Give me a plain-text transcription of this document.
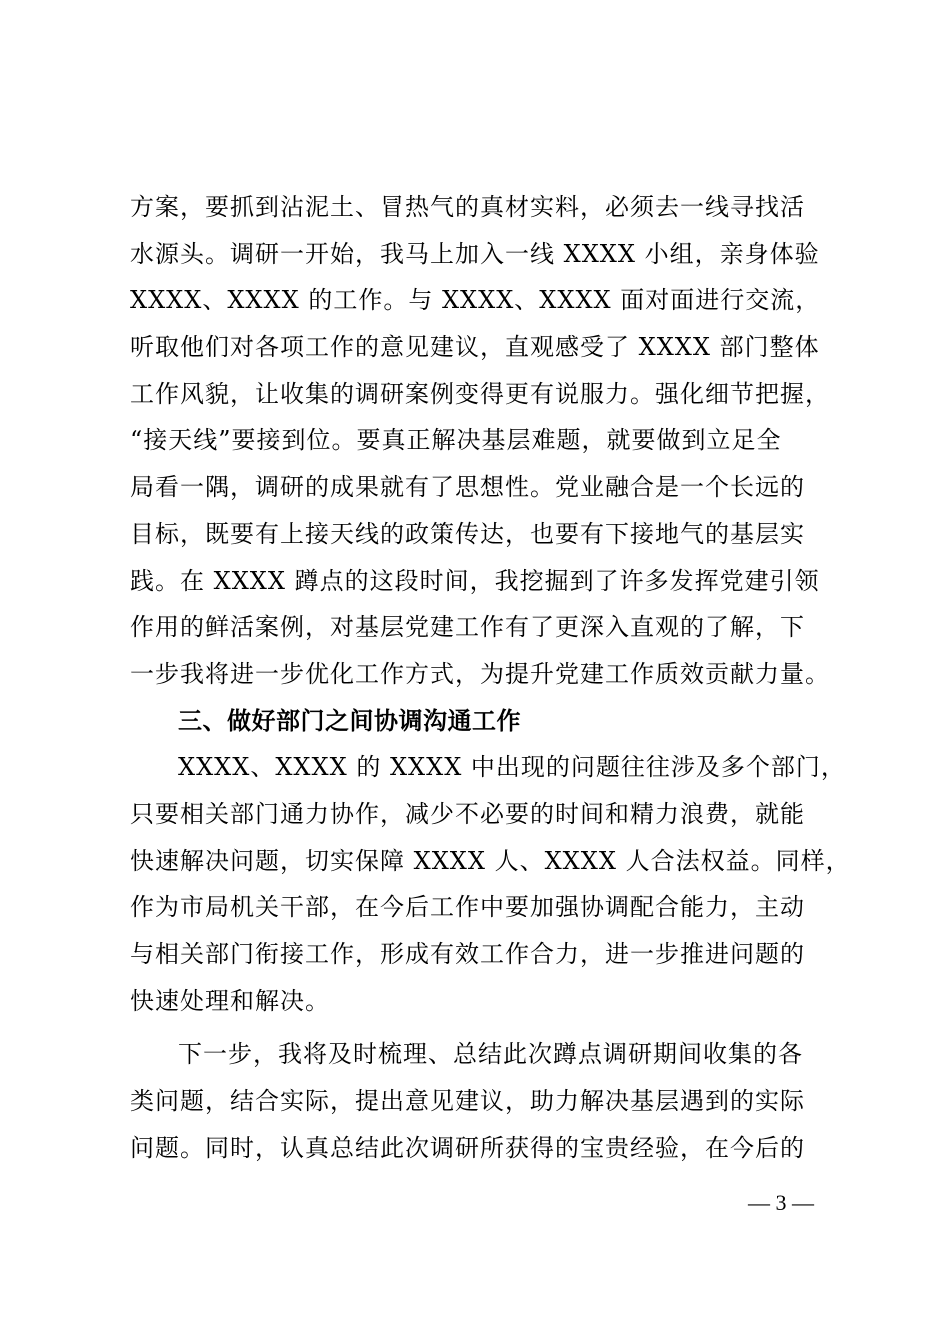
方案，要抓到沾泥土、冒热气的真材实料，必须去一线寻找活
水源头。调研一开始，我马上加入一线 XXXX 小组，亲身体验
XXXX、XXXX 的工作。与 XXXX、XXXX 面对面进行交流，
听取他们对各项工作的意见建议，直观感受了 XXXX 部门整体
工作风貌，让收集的调研案例变得更有说服力。强化细节把握，
“接天线”要接到位。要真正解决基层难题，就要做到立足全
局看一隅，调研的成果就有了思想性。党业融合是一个长远的
目标，既要有上接天线的政策传达，也要有下接地气的基层实
践。在 XXXX 蹲点的这段时间，我挖掘到了许多发挥党建引领
作用的鲜活案例，对基层党建工作有了更深入直观的了解，下
一步我将进一步优化工作方式，为提升党建工作质效贡献力量。
三、做好部门之间协调沟通工作
XXXX、XXXX 的 XXXX 中出现的问题往往涉及多个部门，
只要相关部门通力协作，减少不必要的时间和精力浪费，就能
快速解决问题，切实保障 XXXX 人、XXXX 人合法权益。同样，
作为市局机关干部，在今后工作中要加强协调配合能力，主动
与相关部门衔接工作，形成有效工作合力，进一步推进问题的
快速处理和解决。
下一步，我将及时梳理、总结此次蹲点调研期间收集的各
类问题，结合实际，提出意见建议，助力解决基层遇到的实际
问题。同时，认真总结此次调研所获得的宝贵经验，在今后的
— 3 —
